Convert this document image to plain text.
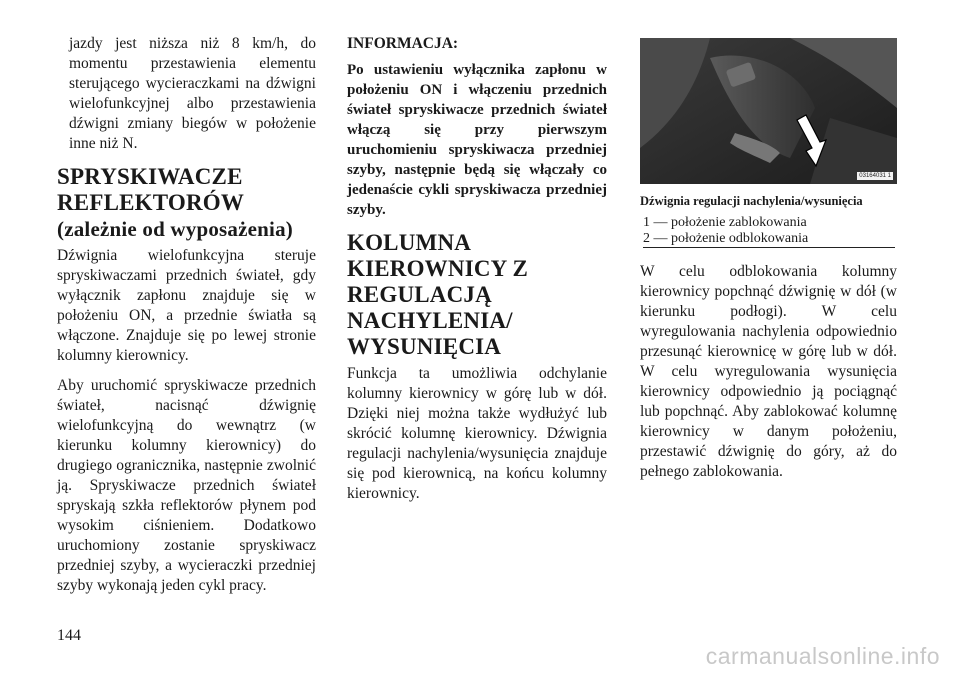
jazdy jest niższa niż 8 km/h, do momentu przestawienia elementu sterującego wycieraczkami na dźwigni wielofunkcyjnej albo przestawienia dźwigni zmiany biegów w położenie inne niż N.

SPRYSKIWACZE REFLEKTORÓW
(zależnie od wyposażenia)

Dźwignia wielofunkcyjna steruje spryskiwaczami przednich świateł, gdy wyłącznik zapłonu znajduje się w położeniu ON, a przednie światła są włączone. Znajduje się po lewej stronie kolumny kierownicy.

Aby uruchomić spryskiwacze przednich świateł, nacisnąć dźwignię wielofunkcyjną do wewnątrz (w kierunku kolumny kierownicy) do drugiego ogranicznika, następnie zwolnić ją. Spryskiwacze przednich świateł spryskają szkła reflektorów płynem pod wysokim ciśnieniem. Dodatkowo uruchomiony zostanie spryskiwacz przedniej szyby, a wycieraczki przedniej szyby wykonają jeden cykl pracy.

INFORMACJA:
Po ustawieniu wyłącznika zapłonu w położeniu ON i włączeniu przednich świateł spryskiwacze przednich świateł włączą się przy pierwszym uruchomieniu spryskiwacza przedniej szyby, następnie będą się włączały co jedenaście cykli spryskiwacza przedniej szyby.
KOLUMNA KIEROWNICY Z REGULACJĄ NACHYLENIA/ WYSUNIĘCIA

Funkcja ta umożliwia odchylanie kolumny kierownicy w górę lub w dół. Dzięki niej można także wydłużyć lub skrócić kolumnę kierownicy. Dźwignia regulacji nachylenia/wysunięcia znajduje się pod kierownicą, na końcu kolumny kierownicy.

03164031 1
Dźwignia regulacji nachylenia/wysunięcia
1 — położenie zablokowania
2 — położenie odblokowania

W celu odblokowania kolumny kierownicy popchnąć dźwignię w dół (w kierunku podłogi). W celu wyregulowania nachylenia odpowiednio przesunąć kierownicę w górę lub w dół. W celu wyregulowania wysunięcia kierownicy odpowiednio ją pociągnąć lub popchnąć. Aby zablokować kolumnę kierownicy w danym położeniu, przestawić dźwignię do góry, aż do pełnego zablokowania.

144
carmanualsonline.info
